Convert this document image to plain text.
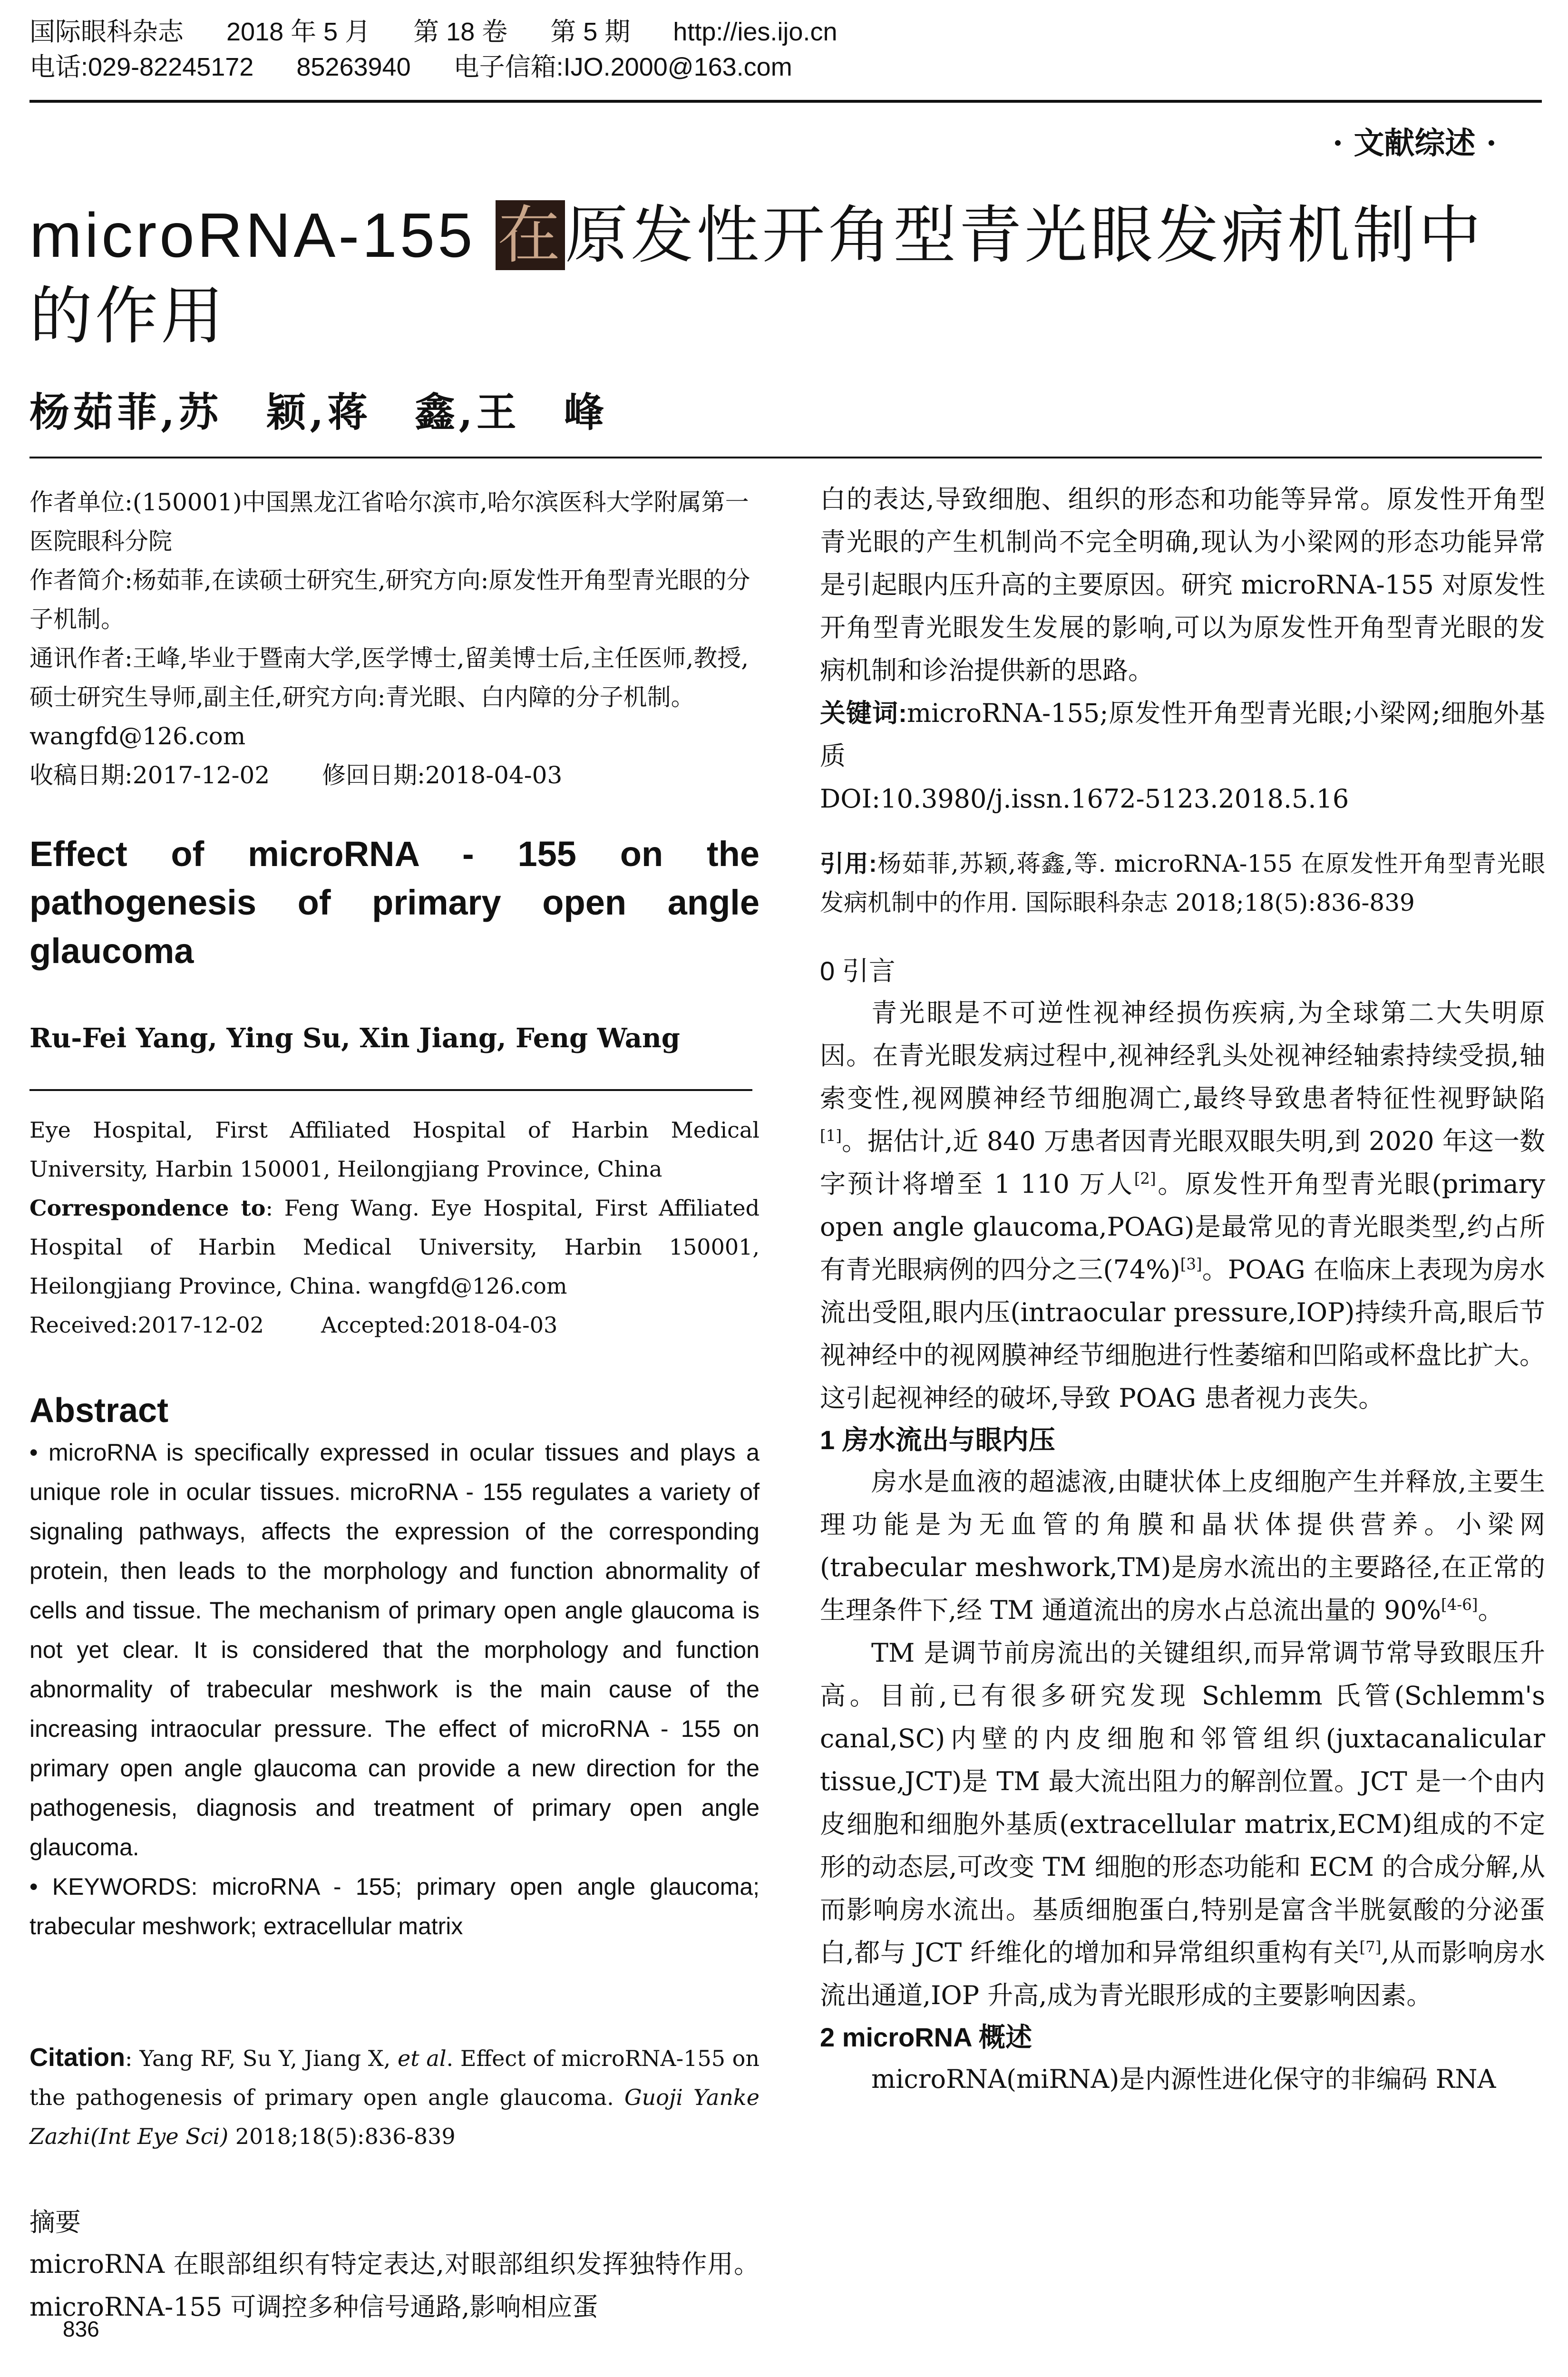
国际眼科杂志 2018 年 5 月 第 18 卷 第 5 期 http://ies.ijo.cn
电话:029-82245172 85263940 电子信箱:IJO.2000@163.com
· 文献综述 ·
microRNA-155 在原发性开角型青光眼发病机制中的作用
杨茹菲,苏　颖,蒋　鑫,王　峰

作者单位:(150001)中国黑龙江省哈尔滨市,哈尔滨医科大学附属第一医院眼科分院

作者简介:杨茹菲,在读硕士研究生,研究方向:原发性开角型青光眼的分子机制。

通讯作者:王峰,毕业于暨南大学,医学博士,留美博士后,主任医师,教授,硕士研究生导师,副主任,研究方向:青光眼、白内障的分子机制。wangfd@126.com

收稿日期:2017-12-02 修回日期:2018-04-03

Effect of microRNA - 155 on the pathogenesis of primary open angle glaucoma
Ru-Fei Yang, Ying Su, Xin Jiang, Feng Wang

Eye Hospital, First Affiliated Hospital of Harbin Medical University, Harbin 150001, Heilongjiang Province, China

Correspondence to: Feng Wang. Eye Hospital, First Affiliated Hospital of Harbin Medical University, Harbin 150001, Heilongjiang Province, China. wangfd@126.com

Received:2017-12-02	Accepted:2018-04-03

Abstract

• microRNA is specifically expressed in ocular tissues and plays a unique role in ocular tissues. microRNA - 155 regulates a variety of signaling pathways, affects the expression of the corresponding protein, then leads to the morphology and function abnormality of cells and tissue. The mechanism of primary open angle glaucoma is not yet clear. It is considered that the morphology and function abnormality of trabecular meshwork is the main cause of the increasing intraocular pressure. The effect of microRNA - 155 on primary open angle glaucoma can provide a new direction for the pathogenesis, diagnosis and treatment of primary open angle glaucoma.

• KEYWORDS: microRNA - 155; primary open angle glaucoma; trabecular meshwork; extracellular matrix

Citation: Yang RF, Su Y, Jiang X, et al. Effect of microRNA-155 on the pathogenesis of primary open angle glaucoma. Guoji Yanke Zazhi(Int Eye Sci) 2018;18(5):836-839

摘要

microRNA 在眼部组织有特定表达,对眼部组织发挥独特作用。microRNA-155 可调控多种信号通路,影响相应蛋

836

白的表达,导致细胞、组织的形态和功能等异常。原发性开角型青光眼的产生机制尚不完全明确,现认为小梁网的形态功能异常是引起眼内压升高的主要原因。研究 microRNA-155 对原发性开角型青光眼发生发展的影响,可以为原发性开角型青光眼的发病机制和诊治提供新的思路。

关键词:microRNA-155;原发性开角型青光眼;小梁网;细胞外基质

DOI:10.3980/j.issn.1672-5123.2018.5.16

引用:杨茹菲,苏颖,蒋鑫,等. microRNA-155 在原发性开角型青光眼发病机制中的作用. 国际眼科杂志 2018;18(5):836-839

0 引言

青光眼是不可逆性视神经损伤疾病,为全球第二大失明原因。在青光眼发病过程中,视神经乳头处视神经轴索持续受损,轴索变性,视网膜神经节细胞凋亡,最终导致患者特征性视野缺陷[1]。据估计,近 840 万患者因青光眼双眼失明,到 2020 年这一数字预计将增至 1 110 万人[2]。原发性开角型青光眼(primary open angle glaucoma,POAG)是最常见的青光眼类型,约占所有青光眼病例的四分之三(74%)[3]。POAG 在临床上表现为房水流出受阻,眼内压(intraocular pressure,IOP)持续升高,眼后节视神经中的视网膜神经节细胞进行性萎缩和凹陷或杯盘比扩大。这引起视神经的破坏,导致 POAG 患者视力丧失。

1 房水流出与眼内压

房水是血液的超滤液,由睫状体上皮细胞产生并释放,主要生理功能是为无血管的角膜和晶状体提供营养。小梁网(trabecular meshwork,TM)是房水流出的主要路径,在正常的生理条件下,经 TM 通道流出的房水占总流出量的 90%[4-6]。

TM 是调节前房流出的关键组织,而异常调节常导致眼压升高。目前,已有很多研究发现 Schlemm 氏管(Schlemm's canal,SC)内壁的内皮细胞和邻管组织(juxtacanalicular tissue,JCT)是 TM 最大流出阻力的解剖位置。JCT 是一个由内皮细胞和细胞外基质(extracellular matrix,ECM)组成的不定形的动态层,可改变 TM 细胞的形态功能和 ECM 的合成分解,从而影响房水流出。基质细胞蛋白,特别是富含半胱氨酸的分泌蛋白,都与 JCT 纤维化的增加和异常组织重构有关[7],从而影响房水流出通道,IOP 升高,成为青光眼形成的主要影响因素。

2 microRNA 概述

microRNA(miRNA)是内源性进化保守的非编码 RNA
